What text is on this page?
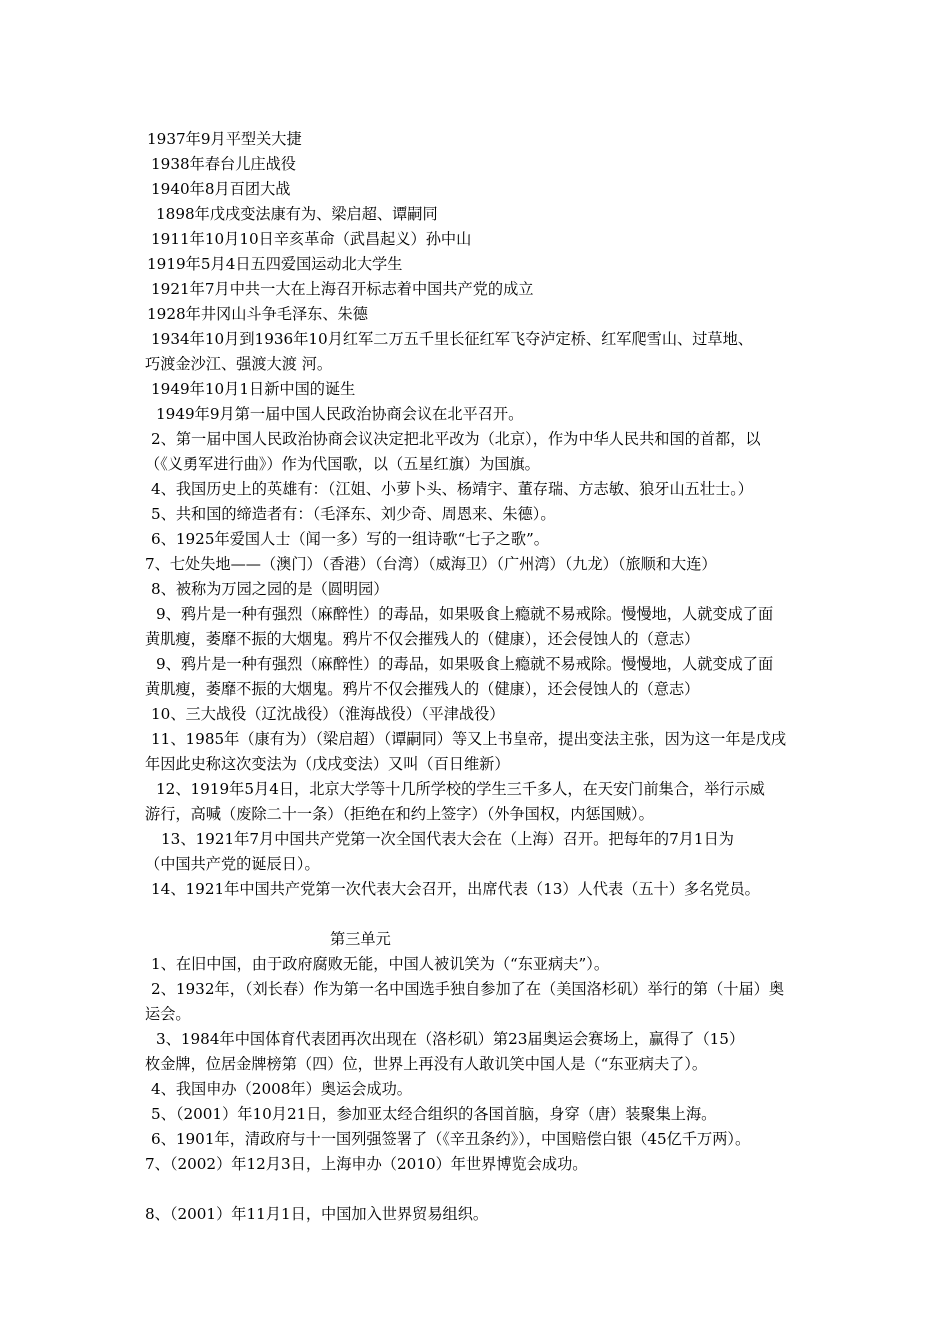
1937年9月平型关大捷
1938年春台儿庄战役
1940年8月百团大战
1898年戊戌变法康有为、梁启超、谭嗣同
1911年10月10日辛亥革命（武昌起义）孙中山
1919年5月4日五四爱国运动北大学生
1921年7月中共一大在上海召开标志着中国共产党的成立
1928年井冈山斗争毛泽东、朱德
1934年10月到1936年10月红军二万五千里长征红军飞夺泸定桥、红军爬雪山、过草地、
巧渡金沙江、强渡大渡 河。
1949年10月1日新中国的诞生
1949年9月第一届中国人民政治协商会议在北平召开。
2、第一届中国人民政治协商会议决定把北平改为（北京），作为中华人民共和国的首都，以
（《义勇军进行曲》）作为代国歌，以（五星红旗）为国旗。
4、我国历史上的英雄有：（江姐、小萝卜头、杨靖宇、董存瑞、方志敏、狼牙山五壮士。）
5、共和国的缔造者有：（毛泽东、刘少奇、周恩来、朱德）。
6、1925年爱国人士（闻一多）写的一组诗歌“七子之歌”。
7、七处失地——（澳门）（香港）（台湾）（威海卫）（广州湾）（九龙）（旅顺和大连）
8、被称为万园之园的是（圆明园）
9、鸦片是一种有强烈（麻醉性）的毒品，如果吸食上瘾就不易戒除。慢慢地，人就变成了面
黄肌瘦，萎靡不振的大烟鬼。鸦片不仅会摧残人的（健康），还会侵蚀人的（意志）
9、鸦片是一种有强烈（麻醉性）的毒品，如果吸食上瘾就不易戒除。慢慢地，人就变成了面
黄肌瘦，萎靡不振的大烟鬼。鸦片不仅会摧残人的（健康），还会侵蚀人的（意志）
10、三大战役（辽沈战役）（淮海战役）（平津战役）
11、1985年（康有为）（梁启超）（谭嗣同）等又上书皇帝，提出变法主张，因为这一年是戊戌
年因此史称这次变法为（戊戌变法）又叫（百日维新）
12、1919年5月4日，北京大学等十几所学校的学生三千多人，在天安门前集合，举行示威
游行，高喊（废除二十一条）（拒绝在和约上签字）（外争国权，内惩国贼）。
13、1921年7月中国共产党第一次全国代表大会在（上海）召开。把每年的7月1日为
（中国共产党的诞辰日）。
14、1921年中国共产党第一次代表大会召开，出席代表（13）人代表（五十）多名党员。
第三单元
1、在旧中国，由于政府腐败无能，中国人被讥笑为（“东亚病夫”）。
2、1932年，（刘长春）作为第一名中国选手独自参加了在（美国洛杉矶）举行的第（十届）奥
运会。
3、1984年中国体育代表团再次出现在（洛杉矶）第23届奥运会赛场上，赢得了（15）
枚金牌，位居金牌榜第（四）位，世界上再没有人敢讥笑中国人是（“东亚病夫了）。
4、我国申办（2008年）奥运会成功。
5、（2001）年10月21日，参加亚太经合组织的各国首脑，身穿（唐）装聚集上海。
6、1901年，清政府与十一国列强签署了（《辛丑条约》），中国赔偿白银（45亿千万两）。
7、（2002）年12月3日，上海申办（2010）年世界博览会成功。
8、（2001）年11月1日，中国加入世界贸易组织。
